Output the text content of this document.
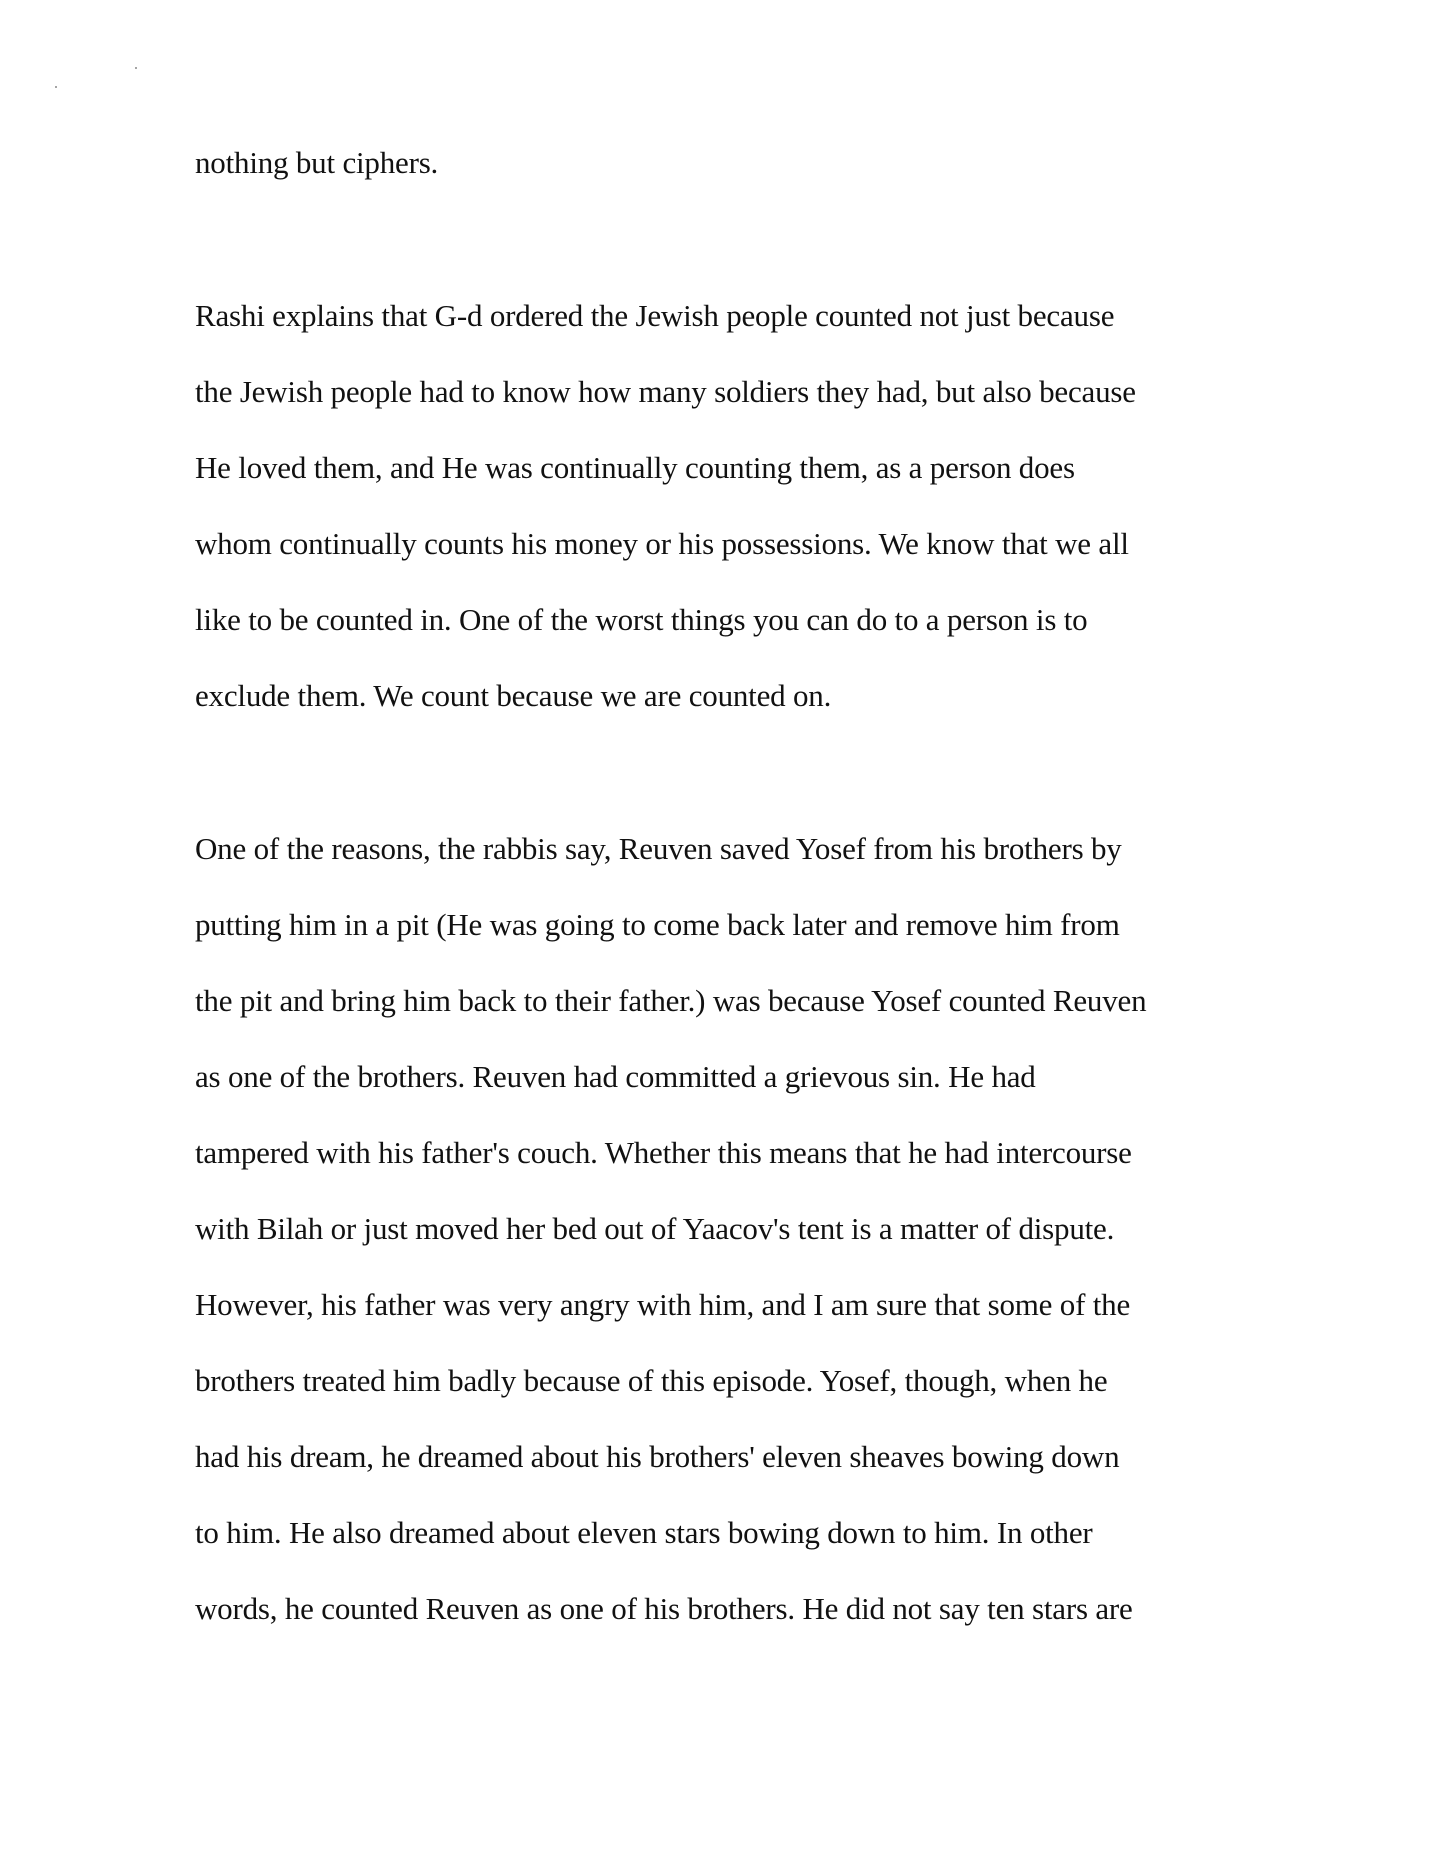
nothing but ciphers.
Rashi explains that G-d ordered the Jewish people counted not just because
the Jewish people had to know how many soldiers they had, but also because
He loved them, and He was continually counting them, as a person does
whom continually counts his money or his possessions. We know that we all
like to be counted in. One of the worst things you can do to a person is to
exclude them. We count because we are counted on.
One of the reasons, the rabbis say, Reuven saved Yosef from his brothers by
putting him in a pit (He was going to come back later and remove him from
the pit and bring him back to their father.) was because Yosef counted Reuven
as one of the brothers. Reuven had committed a grievous sin. He had
tampered with his father's couch. Whether this means that he had intercourse
with Bilah or just moved her bed out of Yaacov's tent is a matter of dispute.
However, his father was very angry with him, and I am sure that some of the
brothers treated him badly because of this episode. Yosef, though, when he
had his dream, he dreamed about his brothers' eleven sheaves bowing down
to him. He also dreamed about eleven stars bowing down to him. In other
words, he counted Reuven as one of his brothers. He did not say ten stars are
